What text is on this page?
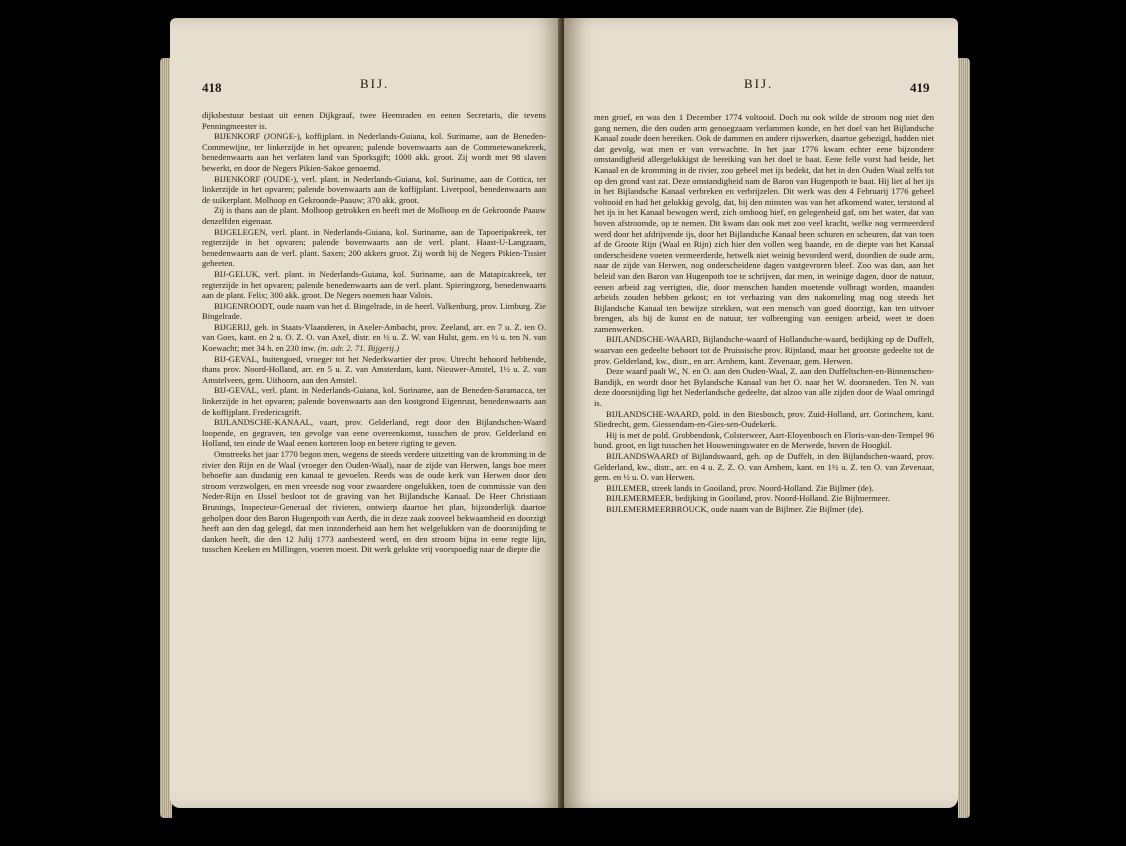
418	BIJ.

dijksbestuur bestaat uit eenen Dijkgraaf, twee Heemraden en eenen Secretaris, die tevens Penningmeester is.

BIJENKORF (JONGE-), koffijplant. in Nederlands-Guiana, kol. Suriname, aan de Beneden-Commewijne, ter linkerzijde in het opvaren; palende bovenwaarts aan de Commetewanekreek, benedenwaarts aan het verlaten land van Sporksgift; 1000 akk. groot. Zij wordt met 98 slaven bewerkt, en door de Negers Pikien-Sakoe genoemd.

BIJENKORF (OUDE-), verl. plant. in Nederlands-Guiana, kol. Suriname, aan de Cottica, ter linkerzijde in het opvaren; palende bovenwaarts aan de koffijplant. Liverpool, benedenwaarts aan de suikerplant. Molhoop en Gekroonde-Paauw; 370 akk. groot.

Zij is thans aan de plant. Molhoop getrokken en heeft met de Molhoop en de Gekroonde Paauw denzelfden eigenaar.

BIJGELEGEN, verl. plant. in Nederlands-Guiana, kol. Suriname, aan de Tapoeripakreek, ter regterzijde in het opvaren; palende bovenwaarts aan de verl. plant. Haast-U-Langzaam, benedenwaarts aan de verl. plant. Saxen; 200 akkers groot. Zij wordt bij de Negers Pikien-Tissier geheeten.

BIJ-GELUK, verl. plant. in Nederlands-Guiana, kol. Suriname, aan de Matapicakreek, ter regterzijde in het opvaren; palende benedenwaarts aan de verl. plant. Spieringzorg, benedenwaarts aan de plant. Felix; 300 akk. groot. De Negers noemen haar Valois.

BIJGENROODT, oude naam van het d. Bingelrade, in de heerl. Valkenburg, prov. Limburg. Zie Bingelrade.

BIJGERIJ, geh. in Staats-Vlaanderen, in Axeler-Ambacht, prov. Zeeland, arr. en 7 u. Z. ten O. van Goes, kant. en 2 u. O. Z. O. van Axel, distr. en ½ u. Z. W. van Hulst, gem. en ½ u. ten N. van Koewacht; met 34 h. en 230 inw. (m. adr. 2. 71. Bijgerij.)

BIJ-GEVAL, buitengoed, vroeger tot het Nederkwartier der prov. Utrecht behoord hebbende, thans prov. Noord-Holland, arr. en 5 u. Z. van Amsterdam, kant. Nieuwer-Amstel, 1½ u. Z. van Amstelveen, gem. Uithoorn, aan den Amstel.

BIJ-GEVAL, verl. plant. in Nederlands-Guiana, kol. Suriname, aan de Beneden-Saramacca, ter linkerzijde in het opvaren; palende bovenwaarts aan den kostgrond Eigenrust, benedenwaarts aan de koffijplant. Fredericsgrift.

BIJLANDSCHE-KANAAL, vaart, prov. Gelderland, regt door den Bijlandschen-Waard loopende, en gegraven, ten gevolge van eene overeenkomst, tusschen de prov. Gelderland en Holland, ten einde de Waal eenen korteren loop en betere rigting te geven.

Omstreeks het jaar 1770 begon men, wegens de steeds verdere uitzetting van de kromming in de rivier den Rijn en de Waal (vroeger den Ouden-Waal), naar de zijde van Herwen, langs hoe meer behoefte aan dusdanig een kanaal te gevoelen. Reeds was de oude kerk van Herwen door den stroom verzwolgen, en men vreesde nog voor zwaardere ongelukken, toen de commissie van den Neder-Rijn en IJssel besloot tot de graving van het Bijlandsche Kanaal. De Heer Christiaan Brunings, Inspecteur-Generaal der rivieren, ontwierp daartoe het plan, bijzonderlijk daartoe geholpen door den Baron Hugenpoth van Aerth, die in deze zaak zooveel bekwaamheid en doorzigt heeft aan den dag gelegd, dat men inzonderheid aan hem het welgelukken van de doorsnijding te danken heeft, die den 12 Julij 1773 aanbesteed werd, en den stroom bijna in eene regte lijn, tusschen Keeken en Millingen, voeren moest. Dit werk gelukte vrij voorspoedig naar de diepte die

BIJ.	419

men groef, en was den 1 December 1774 voltooid. Doch nu ook wilde de stroom nog niet den gang nemen, die den ouden arm genoegzaam verlammen konde, en het doel van het Bijlandsche Kanaal zoude doen bereiken. Ook de dammen en andere rijswerken, daartoe gebezigd, hadden niet dat gevolg, wat men er van verwachtte. In het jaar 1776 kwam echter eene bijzondere omstandigheid allergelukkigst de bereiking van het doel te baat. Eene felle vorst had beide, het Kanaal en de kromming in de rivier, zoo geheel met ijs bedekt, dat het in den Ouden Waal zelfs tot op den grond vast zat. Deze omstandigheid nam de Baron van Hugenpoth te baat. Hij liet al het ijs in het Bijlandsche Kanaal verbreken en verbrijzelen. Dit werk was den 4 Februarij 1776 geheel voltooid en had het gelukkig gevolg, dat, bij den minsten was van het afkomend water, terstond al het ijs in het Kanaal bewogen werd, zich omhoog hief, en gelegenheid gaf, om het water, dat van boven afstroomde, op te nemen. Dit kwam dan ook met zoo veel kracht, welke nog vermeerderd werd door het afdrijvende ijs, door het Bijlandsche Kanaal heen schuren en scheuren, dat van toen af de Groote Rijn (Waal en Rijn) zich hier den vollen weg baande, en de diepte van het Kanaal onderscheidene voeten vermeerderde, hetwelk niet weinig bevorderd werd, doordien de oude arm, naar de zijde van Herwen, nog onderscheidene dagen vastgevroren bleef. Zoo was dan, aan het beleid van den Baron van Hugenpoth toe te schrijven, dat men, in weinige dagen, door de natuur, eenen arbeid zag verrigten, die, door menschen handen moetende volbragt worden, maanden arbeids zouden hebben gekost; en tot verbazing van den nakomeling mag nog steeds het Bijlandsche Kanaal ten bewijze strekken, wat een mensch van goed doorzigt, kan ten uitvoer brengen, als hij de kunst en de natuur, ter volbrenging van eenigen arbeid, weet te doen zamenwerken.

BIJLANDSCHE-WAARD, Bijlandsche-waard of Hollandsche-waard, bedijking op de Duffelt, waarvan een gedeelte behoort tot de Pruissische prov. Rijnland, maar het grootste gedeelte tot de prov. Gelderland, kw., distr., en arr. Arnhem, kant. Zevenaar, gem. Herwen.

Deze waard paalt W., N. en O. aan den Ouden-Waal, Z. aan den Duffeltschen-en-Binnenschen-Bandijk, en wordt door het Bylandsche Kanaal van het O. naar het W. doorsneden. Ten N. van deze doorsnijding ligt het Nederlandsche gedeelte, dat alzoo van alle zijden door de Waal omringd is.

BIJLANDSCHE-WAARD, pold. in den Biesbosch, prov. Zuid-Holland, arr. Gorinchem, kant. Sliedrecht, gem. Giessendam-en-Gies-sen-Oudekerk.

Hij is met de pold. Grobbendonk, Colsterweer, Aart-Eloyenbosch en Floris-van-den-Tempel 96 bund. groot, en ligt tusschen het Houweningswater en de Merwede, boven de Hoogkil.

BIJLANDSWAARD of Bijlandswaard, geh. op de Duffelt, in den Bijlandschen-waard, prov. Gelderland, kw., distr., arr. en 4 u. Z. Z. O. van Arnhem, kant. en 1½ u. Z. ten O. van Zevenaar, gem. en ½ u. O. van Herwen.

BIJLEMER, streek lands in Gooiland, prov. Noord-Holland. Zie Bijlmer (de).

BIJLEMERMEER, bedijking in Gooiland, prov. Noord-Holland. Zie Bijlmermeer.

BIJLEMERMEERBROUCK, oude naam van de Bijlmer. Zie Bijlmer (de).
